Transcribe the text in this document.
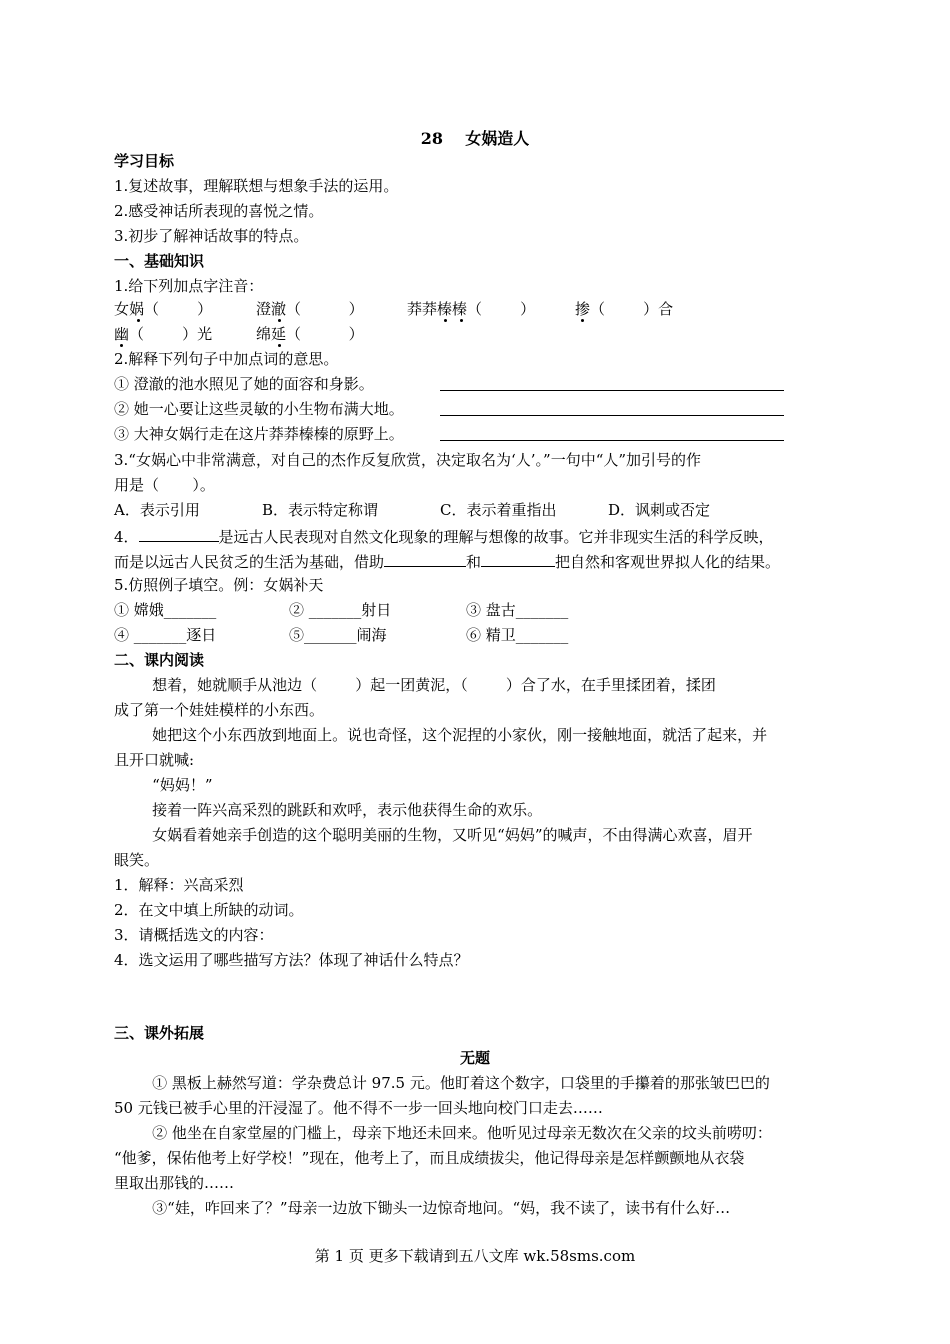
28    女娲造人
学习目标
1.复述故事，理解联想与想象手法的运用。
2.感受神话所表现的喜悦之情。
3.初步了解神话故事的特点。
一、基础知识
1.给下列加点字注音：
女娲（        ）	澄澈（          ）	莽莽榛榛（        ）	掺（        ）合
幽（        ）光	绵延（          ）
2.解释下列句子中加点词的意思。
① 澄澈的池水照见了她的面容和身影。
② 她一心要让这些灵敏的小生物布满大地。
③ 大神女娲行走在这片莽莽榛榛的原野上。
3.“女娲心中非常满意，对自己的杰作反复欣赏，决定取名为‘人’。”一句中“人”加引号的作
用是（       ）。
A．表示引用	B．表示特定称谓	C．表示着重指出	D．讽刺或否定
4．	是远古人民表现对自然文化现象的理解与想像的故事。它并非现实生活的科学反映，
而是以远古人民贫乏的生活为基础，借助	和	把自然和客观世界拟人化的结果。
5.仿照例子填空。例：女娲补天
① 嫦娥_______	② _______射日	③ 盘古_______
④ _______逐日	⑤_______闹海	⑥ 精卫_______
二、课内阅读
想着，她就顺手从池边（        ）起一团黄泥，（        ）合了水，在手里揉团着，揉团
成了第一个娃娃模样的小东西。
她把这个小东西放到地面上。说也奇怪，这个泥捏的小家伙，刚一接触地面，就活了起来，并
且开口就喊:
“妈妈！”
接着一阵兴高采烈的跳跃和欢呼，表示他获得生命的欢乐。
女娲看着她亲手创造的这个聪明美丽的生物，又听见“妈妈”的喊声，不由得满心欢喜，眉开
眼笑。
1．解释：兴高采烈
2．在文中填上所缺的动词。
3．请概括选文的内容：
4．选文运用了哪些描写方法？体现了神话什么特点？
三、课外拓展
无题
① 黑板上赫然写道：学杂费总计 97.5 元。他盯着这个数字，口袋里的手攥着的那张皱巴巴的
50 元钱已被手心里的汗浸湿了。他不得不一步一回头地向校门口走去……
② 他坐在自家堂屋的门槛上，母亲下地还未回来。他听见过母亲无数次在父亲的坟头前唠叨：
“他爹，保佑他考上好学校！”现在，他考上了，而且成绩拔尖，他记得母亲是怎样颤颤地从衣袋
里取出那钱的……
③“娃，咋回来了？”母亲一边放下锄头一边惊奇地问。“妈，我不读了，读书有什么好…
第 1 页 更多下载请到五八文库 wk.58sms.com
